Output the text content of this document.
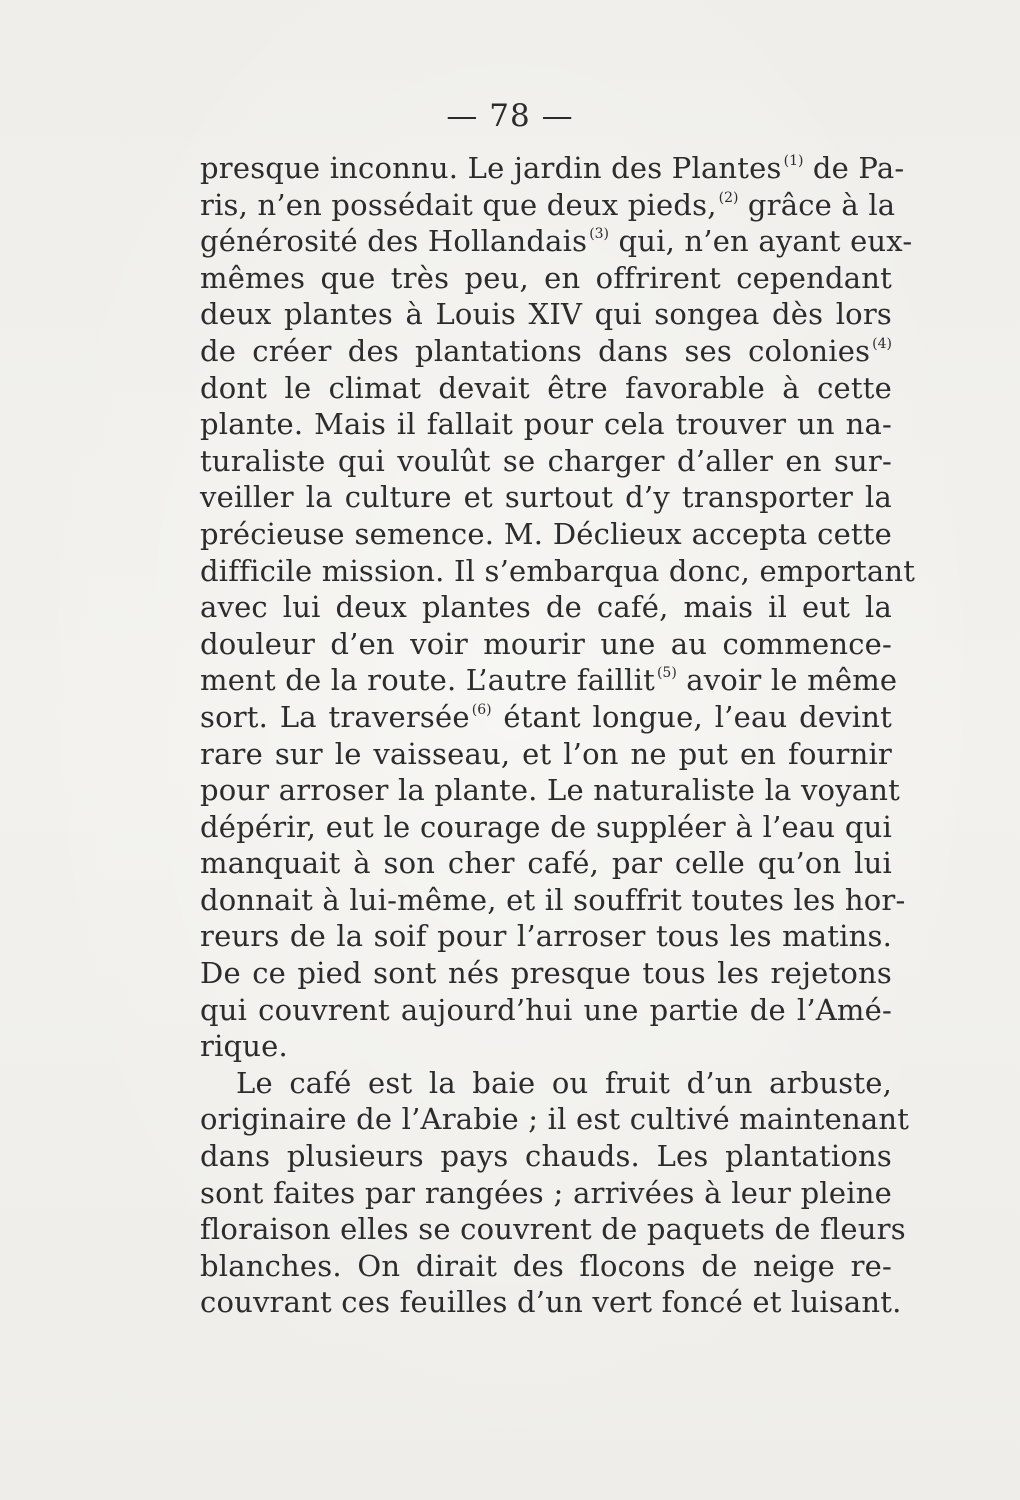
— 78 —
presque inconnu. Le jardin des Plantes $^{(1)}$ de Pa-
ris, n’en possédait que deux pieds, $^{(2)}$ grâce à la
générosité des Hollandais $^{(3)}$ qui, n’en ayant eux-
mêmes que très peu, en offrirent cependant
deux plantes à Louis XIV qui songea dès lors
de créer des plantations dans ses colonies $^{(4)}$
dont le climat devait être favorable à cette
plante. Mais il fallait pour cela trouver un na-
turaliste qui voulût se charger d’aller en sur-
veiller la culture et surtout d’y transporter la
précieuse semence. M. Déclieux accepta cette
difficile mission. Il s’embarqua donc, emportant
avec lui deux plantes de café, mais il eut la
douleur d’en voir mourir une au commence-
ment de la route. L’autre faillit $^{(5)}$ avoir le même
sort. La traversée $^{(6)}$ étant longue, l’eau devint
rare sur le vaisseau, et l’on ne put en fournir
pour arroser la plante. Le naturaliste la voyant
dépérir, eut le courage de suppléer à l’eau qui
manquait à son cher café, par celle qu’on lui
donnait à lui-même, et il souffrit toutes les hor-
reurs de la soif pour l’arroser tous les matins.
De ce pied sont nés presque tous les rejetons
qui couvrent aujourd’hui une partie de l’Amé-
rique.
Le café est la baie ou fruit d’un arbuste,
originaire de l’Arabie ; il est cultivé maintenant
dans plusieurs pays chauds. Les plantations
sont faites par rangées ; arrivées à leur pleine
floraison elles se couvrent de paquets de fleurs
blanches. On dirait des flocons de neige re-
couvrant ces feuilles d’un vert foncé et luisant.
